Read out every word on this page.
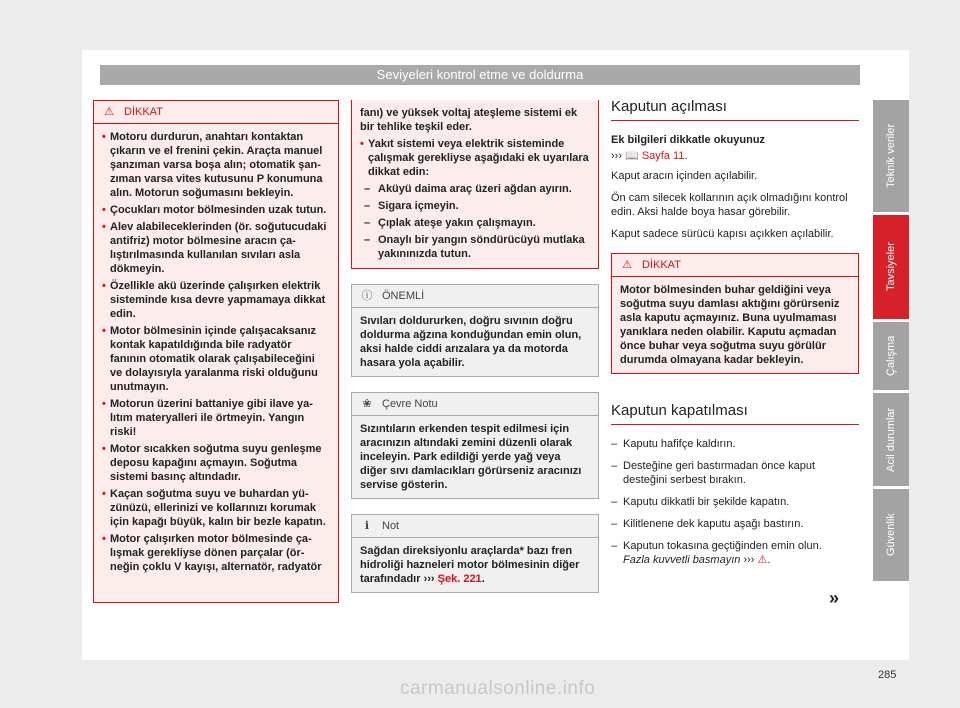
Seviyeleri kontrol etme ve doldurma
⚠ DİKKAT

• Motoru durdurun, anahtarı kontaktan çıkarın ve el frenini çekin. Araçta manuel şanzıman varsa boşa alın; otomatik şanzıman varsa vites kutusunu P konumuna alın. Motorun soğumasını bekleyin.

• Çocukları motor bölmesinden uzak tutun.

• Alev alabileceklerinden (ör. soğutucudaki antifriz) motor bölmesine aracın çalıştırılmasında kullanılan sıvıları asla dökmeyin.

• Özellikle akü üzerinde çalışırken elektrik sisteminde kısa devre yapmamaya dikkat edin.

• Motor bölmesinin içinde çalışacaksanız kontak kapatıldığında bile radyatör fanının otomatik olarak çalışabileceğini ve dolayısıyla yaralanma riski olduğunu unutmayın.

• Motorun üzerini battaniye gibi ilave yalıtım materyalleri ile örtmeyin. Yangın riski!

• Motor sıcakken soğutma suyu genleşme deposu kapağını açmayın. Soğutma sistemi basınç altındadır.

• Kaçan soğutma suyu ve buhardan yüzünüzü, ellerinizi ve kollarınızı korumak için kapağı büyük, kalın bir bezle kapatın.

• Motor çalışırken motor bölmesinde çalışmak gerekliyse dönen parçalar (örneğin çoklu V kayışı, alternatör, radyatör

fanı) ve yüksek voltaj ateşleme sistemi ek bir tehlike teşkil eder.

• Yakıt sistemi veya elektrik sisteminde çalışmak gerekliyse aşağıdaki ek uyarılara dikkat edin:

– Aküyü daima araç üzeri ağdan ayırın.

– Sigara içmeyin.

– Çıplak ateşe yakın çalışmayın.

– Onaylı bir yangın söndürücüyü mutlaka yakınınızda tutun.

ⓘ ÖNEMLİ
Sıvıları doldururken, doğru sıvının doğru doldurma ağzına konduğundan emin olun, aksi halde ciddi arızalara ya da motorda hasara yola açabilir.
❀ Çevre Notu
Sızıntıların erkenden tespit edilmesi için aracınızın altındaki zemini düzenli olarak inceleyin. Park edildiği yerde yağ veya diğer sıvı damlacıkları görürseniz aracınızı servise gösterin.
ℹ Not
Sağdan direksiyonlu araçlarda* bazı fren hidroliği hazneleri motor bölmesinin diğer tarafındadır ››› Şek. 221.
Kaputun açılması

Ek bilgileri dikkatle okuyunuz

››› 📖 Sayfa 11.

Kaput aracın içinden açılabilir.

Ön cam silecek kollarının açık olmadığını kontrol edin. Aksi halde boya hasar görebilir.

Kaput sadece sürücü kapısı açıkken açılabilir.

⚠ DİKKAT
Motor bölmesinden buhar geldiğini veya soğutma suyu damlası aktığını görürseniz asla kaputu açmayınız. Buna uyulmaması yanıklara neden olabilir. Kaputu açmadan önce buhar veya soğutma suyu görülür durumda olmayana kadar bekleyin.
Kaputun kapatılması

– Kaputu hafifçe kaldırın.

– Desteğine geri bastırmadan önce kaput desteğini serbest bırakın.

– Kaputu dikkatli bir şekilde kapatın.

– Kilitlenene dek kaputu aşağı bastırın.

– Kaputun tokasına geçtiğinden emin olun.

Fazla kuvvetli basmayın ››› ⚠.

»
Teknik veriler
Tavsiyeler
Çalışma
Acil durumlar
Güvenlik
285
carmanualsonline.info
